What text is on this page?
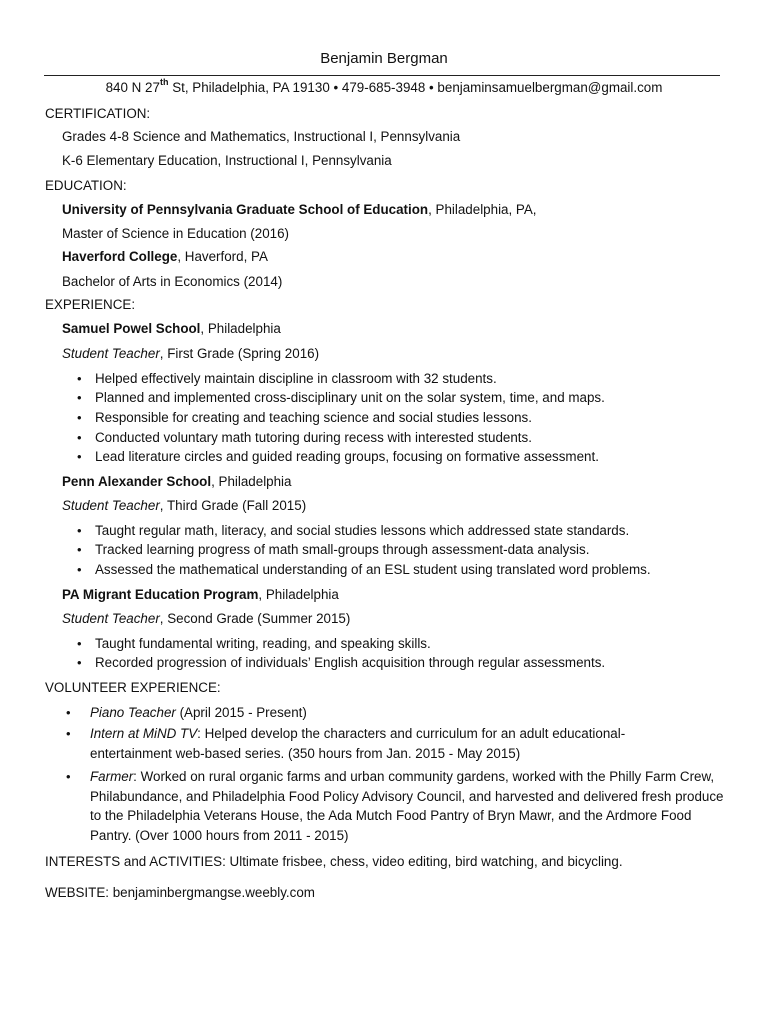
Benjamin Bergman
840 N 27th St, Philadelphia, PA 19130 • 479-685-3948 • benjaminsamuelbergman@gmail.com
CERTIFICATION:
Grades 4-8 Science and Mathematics, Instructional I, Pennsylvania
K-6 Elementary Education, Instructional I, Pennsylvania
EDUCATION:
University of Pennsylvania Graduate School of Education, Philadelphia, PA,
Master of Science in Education (2016)
Haverford College, Haverford, PA
Bachelor of Arts in Economics (2014)
EXPERIENCE:
Samuel Powel School, Philadelphia
Student Teacher, First Grade (Spring 2016)
• Helped effectively maintain discipline in classroom with 32 students.
• Planned and implemented cross-disciplinary unit on the solar system, time, and maps.
• Responsible for creating and teaching science and social studies lessons.
• Conducted voluntary math tutoring during recess with interested students.
• Lead literature circles and guided reading groups, focusing on formative assessment.
Penn Alexander School, Philadelphia
Student Teacher, Third Grade (Fall 2015)
• Taught regular math, literacy, and social studies lessons which addressed state standards.
• Tracked learning progress of math small-groups through assessment-data analysis.
• Assessed the mathematical understanding of an ESL student using translated word problems.
PA Migrant Education Program, Philadelphia
Student Teacher, Second Grade (Summer 2015)
• Taught fundamental writing, reading, and speaking skills.
• Recorded progression of individuals’ English acquisition through regular assessments.
VOLUNTEER EXPERIENCE:
• Piano Teacher (April 2015 - Present)
• Intern at MiND TV: Helped develop the characters and curriculum for an adult educational-entertainment web-based series. (350 hours from Jan. 2015 - May 2015)
• Farmer: Worked on rural organic farms and urban community gardens, worked with the Philly Farm Crew, Philabundance, and Philadelphia Food Policy Advisory Council, and harvested and delivered fresh produce to the Philadelphia Veterans House, the Ada Mutch Food Pantry of Bryn Mawr, and the Ardmore Food Pantry. (Over 1000 hours from 2011 - 2015)
INTERESTS and ACTIVITIES: Ultimate frisbee, chess, video editing, bird watching, and bicycling.
WEBSITE: benjaminbergmangse.weebly.com
